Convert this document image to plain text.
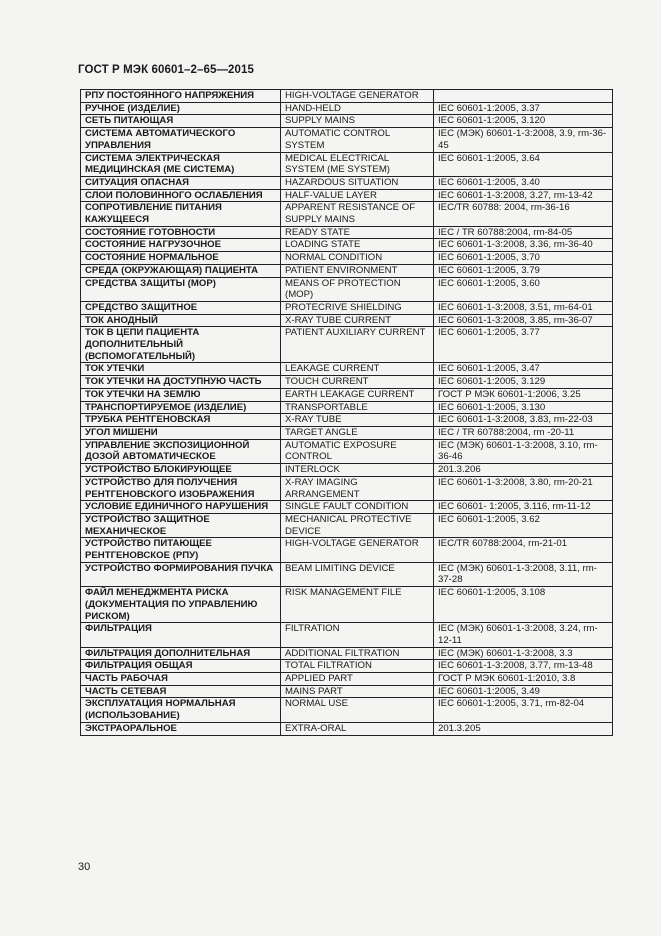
ГОСТ Р МЭК 60601–2–65—2015
РПУ ПОСТОЯННОГО НАПРЯЖЕНИЯ	HIGH-VOLTAGE GENERATOR	
РУЧНОЕ (ИЗДЕЛИЕ)	HAND-HELD	IEC 60601-1:2005, 3.37
СЕТЬ ПИТАЮЩАЯ	SUPPLY MAINS	IEC 60601-1:2005, 3.120
СИСТЕМА АВТОМАТИЧЕСКОГО УПРАВЛЕНИЯ	AUTOMATIC CONTROL SYSTEM	IEC (МЭК) 60601-1-3:2008, 3.9, rm-36-45
СИСТЕМА ЭЛЕКТРИЧЕСКАЯ МЕДИЦИНСКАЯ (ME СИСТЕМА)	MEDICAL ELECTRICAL SYSTEM (ME SYSTEM)	IEC 60601-1:2005, 3.64
СИТУАЦИЯ ОПАСНАЯ	HAZARDOUS SITUATION	IEC 60601-1:2005, 3.40
СЛОИ ПОЛОВИННОГО ОСЛАБЛЕНИЯ	HALF-VALUE LAYER	IEC 60601-1-3:2008, 3.27, rm-13-42
СОПРОТИВЛЕНИЕ ПИТАНИЯ КАЖУЩЕЕСЯ	APPARENT RESISTANCE OF SUPPLY MAINS	IEC/TR 60788: 2004, rm-36-16
СОСТОЯНИЕ ГОТОВНОСТИ	READY STATE	IEC / TR 60788:2004, rm-84-05
СОСТОЯНИЕ НАГРУЗОЧНОЕ	LOADING STATE	IEC 60601-1-3:2008, 3.36, rm-36-40
СОСТОЯНИЕ НОРМАЛЬНОЕ	NORMAL CONDITION	IEC 60601-1:2005, 3.70
СРЕДА (ОКРУЖАЮЩАЯ) ПАЦИЕНТА	PATIENT ENVIRONMENT	IEC 60601-1:2005, 3.79
СРЕДСТВА ЗАЩИТЫ (МОР)	MEANS OF PROTECTION (MOP)	IEC 60601-1:2005, 3.60
СРЕДСТВО ЗАЩИТНОЕ	PROTECRIVE SHIELDING	IEC 60601-1-3:2008, 3.51, rm-64-01
ТОК АНОДНЫЙ	X-RAY TUBE CURRENT	IEC 60601-1-3:2008, 3.85, rm-36-07
ТОК В ЦЕПИ ПАЦИЕНТА ДОПОЛНИТЕЛЬНЫЙ (ВСПОМОГАТЕЛЬНЫЙ)	PATIENT AUXILIARY CURRENT	IEC 60601-1:2005, 3.77
ТОК УТЕЧКИ	LEAKAGE CURRENT	IEC 60601-1:2005, 3.47
ТОК УТЕЧКИ НА ДОСТУПНУЮ ЧАСТЬ	TOUCH CURRENT	IEC 60601-1:2005, 3.129
ТОК УТЕЧКИ НА ЗЕМЛЮ	EARTH LEAKAGE CURRENT	ГОСТ Р МЭК 60601-1:2006, 3.25
ТРАНСПОРТИРУЕМОЕ (ИЗДЕЛИЕ)	TRANSPORTABLE	IEC 60601-1:2005, 3.130
ТРУБКА РЕНТГЕНОВСКАЯ	X-RAY TUBE	IEC 60601-1-3:2008, 3.83, rm-22-03
УГОЛ МИШЕНИ	TARGET ANGLE	IEC / TR 60788:2004, rm -20-11
УПРАВЛЕНИЕ ЭКСПОЗИЦИОННОЙ ДОЗОЙ АВТОМАТИЧЕСКОЕ	AUTOMATIC EXPOSURE CONTROL	IEC (МЭК) 60601-1-3:2008, 3.10, rm-36-46
УСТРОЙСТВО БЛОКИРУЮЩЕЕ	INTERLOCK	201.3.206
УСТРОЙСТВО ДЛЯ ПОЛУЧЕНИЯ РЕНТГЕНОВСКОГО ИЗОБРАЖЕНИЯ	X-RAY IMAGING ARRANGEMENT	IEC 60601-1-3:2008, 3.80, rm-20-21
УСЛОВИЕ ЕДИНИЧНОГО НАРУШЕНИЯ	SINGLE FAULT CONDITION	IEC 60601- 1:2005, 3.116, rm-11-12
УСТРОЙСТВО ЗАЩИТНОЕ МЕХАНИЧЕСКОЕ	MECHANICAL PROTECTIVE DEVICE	IEC 60601-1:2005, 3.62
УСТРОЙСТВО ПИТАЮЩЕЕ РЕНТГЕНОВСКОЕ (РПУ)	HIGH-VOLTAGE GENERATOR	IEC/TR 60788:2004, rm-21-01
УСТРОЙСТВО ФОРМИРОВАНИЯ ПУЧКА	BEAM LIMITING DEVICE	IEC (МЭК) 60601-1-3:2008, 3.11, rm-37-28
ФАЙЛ МЕНЕДЖМЕНТА РИСКА (ДОКУМЕНТАЦИЯ ПО УПРАВЛЕНИЮ РИСКОМ)	RISK MANAGEMENT FILE	IEC 60601-1:2005, 3.108
ФИЛЬТРАЦИЯ	FILTRATION	IEC (МЭК) 60601-1-3:2008, 3.24, rm-12-11
ФИЛЬТРАЦИЯ ДОПОЛНИТЕЛЬНАЯ	ADDITIONAL FILTRATION	IEC (МЭК) 60601-1-3:2008, 3.3
ФИЛЬТРАЦИЯ ОБЩАЯ	TOTAL FILTRATION	IEC 60601-1-3:2008, 3.77, rm-13-48
ЧАСТЬ РАБОЧАЯ	APPLIED PART	ГОСТ Р МЭК 60601-1:2010, 3.8
ЧАСТЬ СЕТЕВАЯ	MAINS PART	IEC 60601-1:2005, 3.49
ЭКСПЛУАТАЦИЯ НОРМАЛЬНАЯ (ИСПОЛЬЗОВАНИЕ)	NORMAL USE	IEC 60601-1:2005, 3.71, rm-82-04
ЭКСТРАОРАЛЬНОЕ	EXTRA-ORAL	201.3.205
30
